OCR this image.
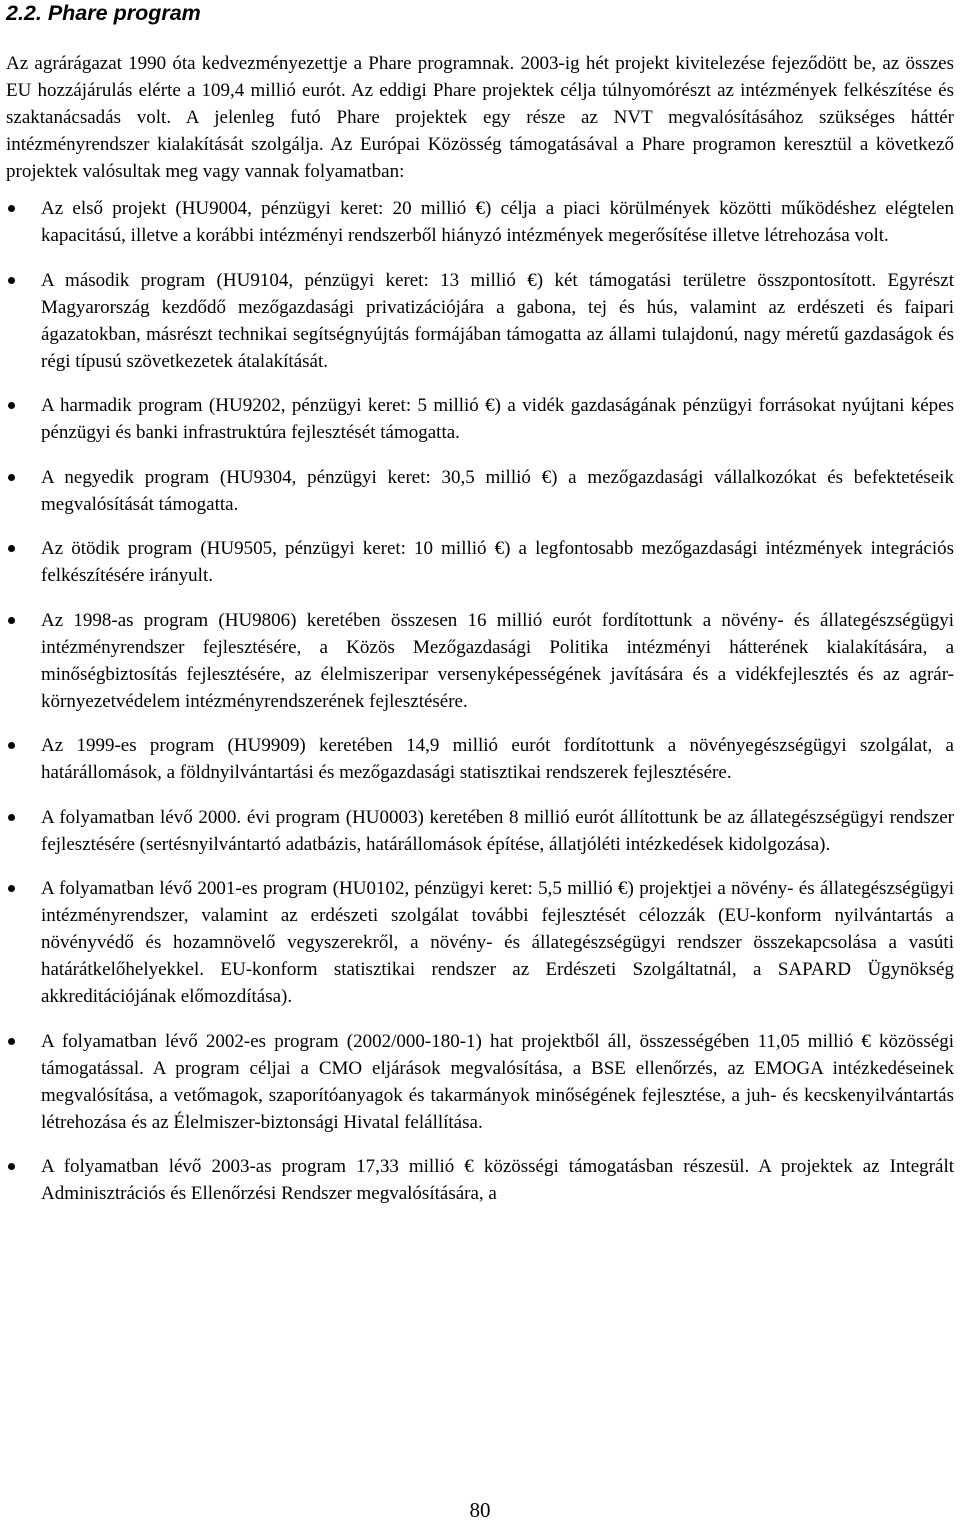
2.2. Phare program

Az agrárágazat 1990 óta kedvezményezettje a Phare programnak. 2003-ig hét projekt kivitelezése fejeződött be, az összes EU hozzájárulás elérte a 109,4 millió eurót. Az eddigi Phare projektek célja túlnyomórészt az intézmények felkészítése és szaktanácsadás volt. A jelenleg futó Phare projektek egy része az NVT megvalósításához szükséges háttér intézményrendszer kialakítását szolgálja. Az Európai Közösség támogatásával a Phare programon keresztül a következő projektek valósultak meg vagy vannak folyamatban:

Az első projekt (HU9004, pénzügyi keret: 20 millió €) célja a piaci körülmények közötti működéshez elégtelen kapacitású, illetve a korábbi intézményi rendszerből hiányzó intézmények megerősítése illetve létrehozása volt.
A második program (HU9104, pénzügyi keret: 13 millió €) két támogatási területre összpontosított. Egyrészt Magyarország kezdődő mezőgazdasági privatizációjára a gabona, tej és hús, valamint az erdészeti és faipari ágazatokban, másrészt technikai segítségnyújtás formájában támogatta az állami tulajdonú, nagy méretű gazdaságok és régi típusú szövetkezetek átalakítását.
A harmadik program (HU9202, pénzügyi keret: 5 millió €) a vidék gazdaságának pénzügyi forrásokat nyújtani képes pénzügyi és banki infrastruktúra fejlesztését támogatta.
A negyedik program (HU9304, pénzügyi keret: 30,5 millió €) a mezőgazdasági vállalkozókat és befektetéseik megvalósítását támogatta.
Az ötödik program (HU9505, pénzügyi keret: 10 millió €) a legfontosabb mezőgazdasági intézmények integrációs felkészítésére irányult.
Az 1998-as program (HU9806) keretében összesen 16 millió eurót fordítottunk a növény- és állategészségügyi intézményrendszer fejlesztésére, a Közös Mezőgazdasági Politika intézményi hátterének kialakítására, a minőségbiztosítás fejlesztésére, az élelmiszeripar versenyképességének javítására és a vidékfejlesztés és az agrár-környezetvédelem intézményrendszerének fejlesztésére.
Az 1999-es program (HU9909) keretében 14,9 millió eurót fordítottunk a növényegészségügyi szolgálat, a határállomások, a földnyilvántartási és mezőgazdasági statisztikai rendszerek fejlesztésére.
A folyamatban lévő 2000. évi program (HU0003) keretében 8 millió eurót állítottunk be az állategészségügyi rendszer fejlesztésére (sertésnyilvántartó adatbázis, határállomások építése, állatjóléti intézkedések kidolgozása).
A folyamatban lévő 2001-es program (HU0102, pénzügyi keret: 5,5 millió €) projektjei a növény- és állategészségügyi intézményrendszer, valamint az erdészeti szolgálat további fejlesztését célozzák (EU-konform nyilvántartás a növényvédő és hozamnövelő vegyszerekről, a növény- és állategészségügyi rendszer összekapcsolása a vasúti határátkelőhelyekkel. EU-konform statisztikai rendszer az Erdészeti Szolgáltatnál, a SAPARD Ügynökség akkreditációjának előmozdítása).
A folyamatban lévő 2002-es program (2002/000-180-1) hat projektből áll, összességében 11,05 millió € közösségi támogatással. A program céljai a CMO eljárások megvalósítása, a BSE ellenőrzés, az EMOGA intézkedéseinek megvalósítása, a vetőmagok, szaporítóanyagok és takarmányok minőségének fejlesztése, a juh- és kecskenyilvántartás létrehozása és az Élelmiszer-biztonsági Hivatal felállítása.
A folyamatban lévő 2003-as program 17,33 millió € közösségi támogatásban részesül. A projektek az Integrált Adminisztrációs és Ellenőrzési Rendszer megvalósítására, a
80
